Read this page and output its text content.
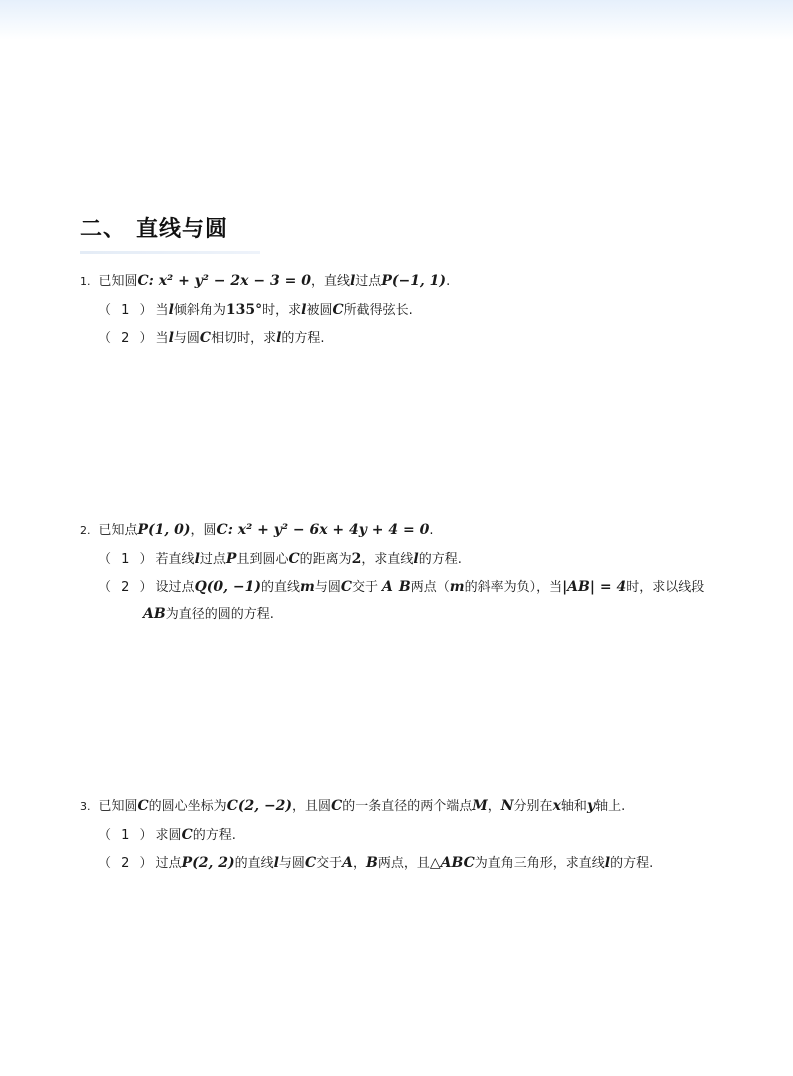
二、 直线与圆
1. 已知圆C: x² + y² − 2x − 3 = 0，直线l过点P(−1, 1).
（ 1 ）当l倾斜角为135°时，求l被圆C所截得弦长.
（ 2 ）当l与圆C相切时，求l的方程.
2. 已知点P(1, 0)，圆C: x² + y² − 6x + 4y + 4 = 0.
（ 1 ）若直线l过点P且到圆心C的距离为2，求直线l的方程.
（ 2 ）设过点Q(0, −1)的直线m与圆C交于 A B两点（m的斜率为负），当|AB| = 4时，求以线段
AB为直径的圆的方程.
3. 已知圆C的圆心坐标为C(2, −2)，且圆C的一条直径的两个端点M，N分别在x轴和y轴上.
（ 1 ）求圆C的方程.
（ 2 ）过点P(2, 2)的直线l与圆C交于A，B两点，且△ABC为直角三角形，求直线l的方程.
